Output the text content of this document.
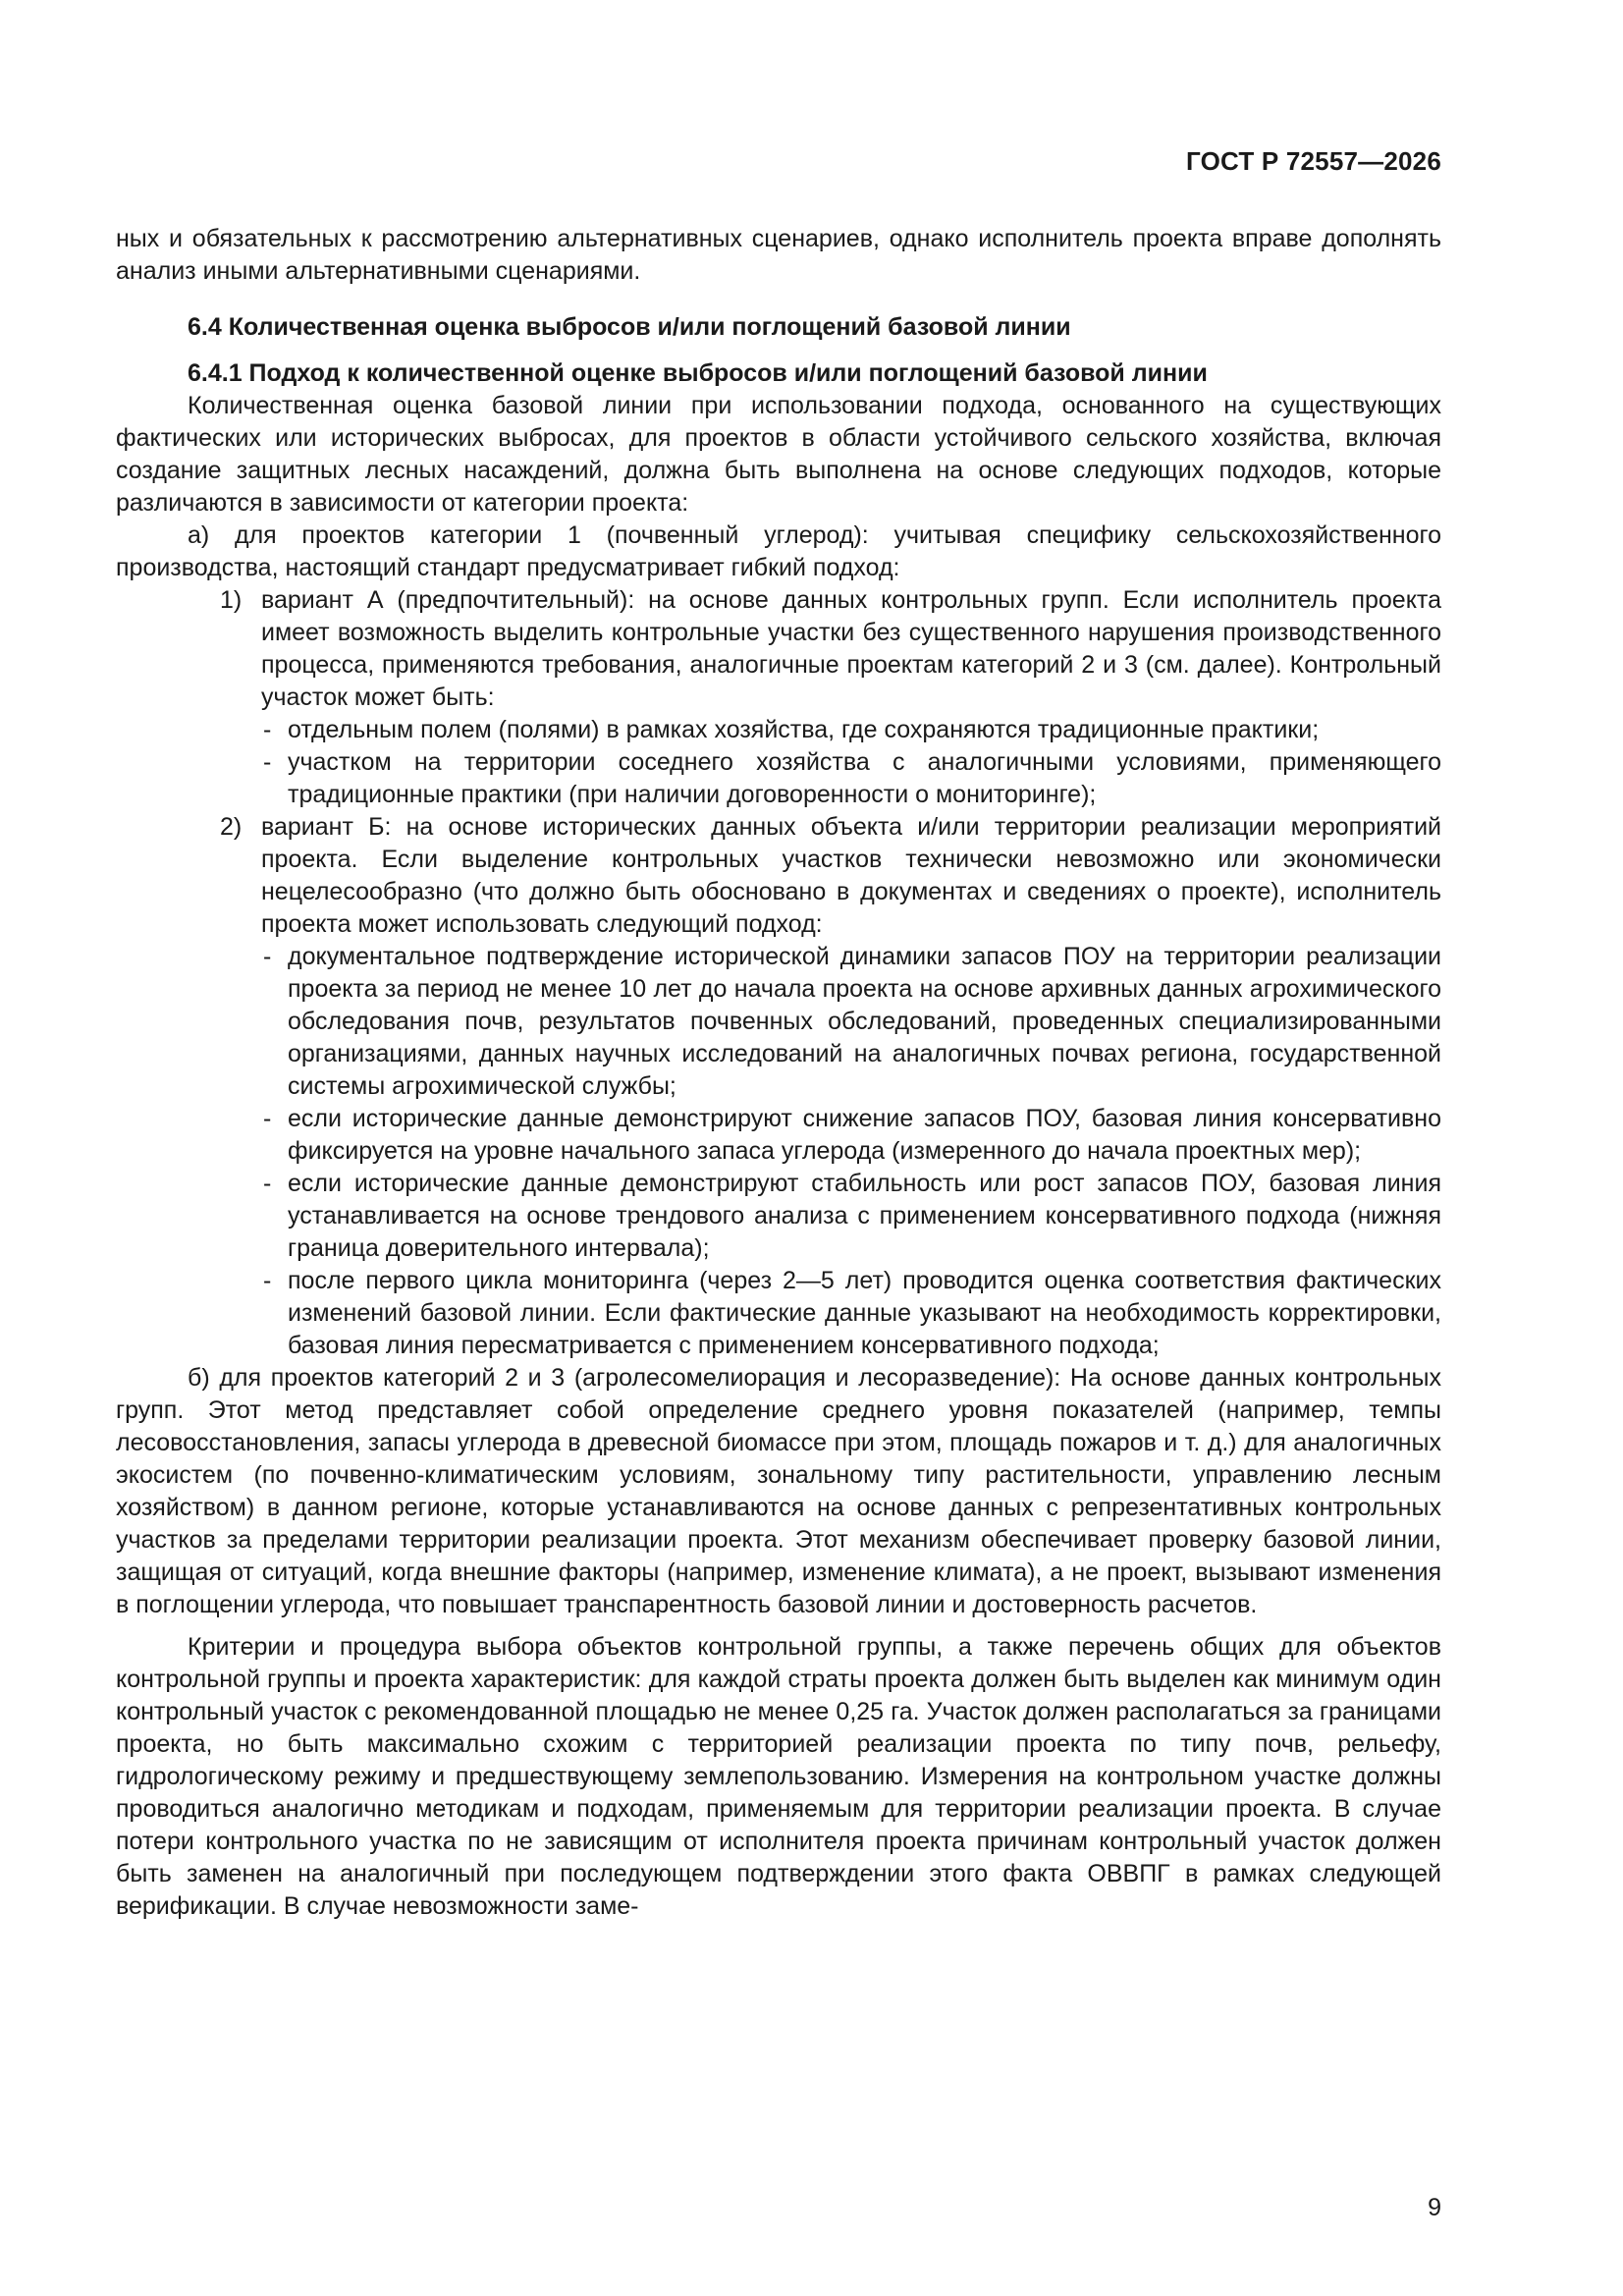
ГОСТ Р 72557—2026

ных и обязательных к рассмотрению альтернативных сценариев, однако исполнитель проекта вправе дополнять анализ иными альтернативными сценариями.

6.4 Количественная оценка выбросов и/или поглощений базовой линии

6.4.1 Подход к количественной оценке выбросов и/или поглощений базовой линии

Количественная оценка базовой линии при использовании подхода, основанного на существующих фактических или исторических выбросах, для проектов в области устойчивого сельского хозяйства, включая создание защитных лесных насаждений, должна быть выполнена на основе следующих подходов, которые различаются в зависимости от категории проекта:

а) для проектов категории 1 (почвенный углерод): учитывая специфику сельскохозяйственного производства, настоящий стандарт предусматривает гибкий подход:

1) вариант А (предпочтительный): на основе данных контрольных групп. Если исполнитель проекта имеет возможность выделить контрольные участки без существенного нарушения производственного процесса, применяются требования, аналогичные проектам категорий 2 и 3 (см. далее). Контрольный участок может быть:

- отдельным полем (полями) в рамках хозяйства, где сохраняются традиционные практики;

- участком на территории соседнего хозяйства с аналогичными условиями, применяющего традиционные практики (при наличии договоренности о мониторинге);

2) вариант Б: на основе исторических данных объекта и/или территории реализации мероприятий проекта. Если выделение контрольных участков технически невозможно или экономически нецелесообразно (что должно быть обосновано в документах и сведениях о проекте), исполнитель проекта может использовать следующий подход:

- документальное подтверждение исторической динамики запасов ПОУ на территории реализации проекта за период не менее 10 лет до начала проекта на основе архивных данных агрохимического обследования почв, результатов почвенных обследований, проведенных специализированными организациями, данных научных исследований на аналогичных почвах региона, государственной системы агрохимической службы;

- если исторические данные демонстрируют снижение запасов ПОУ, базовая линия консервативно фиксируется на уровне начального запаса углерода (измеренного до начала проектных мер);

- если исторические данные демонстрируют стабильность или рост запасов ПОУ, базовая линия устанавливается на основе трендового анализа с применением консервативного подхода (нижняя граница доверительного интервала);

- после первого цикла мониторинга (через 2—5 лет) проводится оценка соответствия фактических изменений базовой линии. Если фактические данные указывают на необходимость корректировки, базовая линия пересматривается с применением консервативного подхода;

б) для проектов категорий 2 и 3 (агролесомелиорация и лесоразведение): На основе данных контрольных групп. Этот метод представляет собой определение среднего уровня показателей (например, темпы лесовосстановления, запасы углерода в древесной биомассе при этом, площадь пожаров и т. д.) для аналогичных экосистем (по почвенно-климатическим условиям, зональному типу растительности, управлению лесным хозяйством) в данном регионе, которые устанавливаются на основе данных с репрезентативных контрольных участков за пределами территории реализации проекта. Этот механизм обеспечивает проверку базовой линии, защищая от ситуаций, когда внешние факторы (например, изменение климата), а не проект, вызывают изменения в поглощении углерода, что повышает транспарентность базовой линии и достоверность расчетов.

Критерии и процедура выбора объектов контрольной группы, а также перечень общих для объектов контрольной группы и проекта характеристик: для каждой страты проекта должен быть выделен как минимум один контрольный участок с рекомендованной площадью не менее 0,25 га. Участок должен располагаться за границами проекта, но быть максимально схожим с территорией реализации проекта по типу почв, рельефу, гидрологическому режиму и предшествующему землепользованию. Измерения на контрольном участке должны проводиться аналогично методикам и подходам, применяемым для территории реализации проекта. В случае потери контрольного участка по не зависящим от исполнителя проекта причинам контрольный участок должен быть заменен на аналогичный при последующем подтверждении этого факта ОВВПГ в рамках следующей верификации. В случае невозможности заме-

9
